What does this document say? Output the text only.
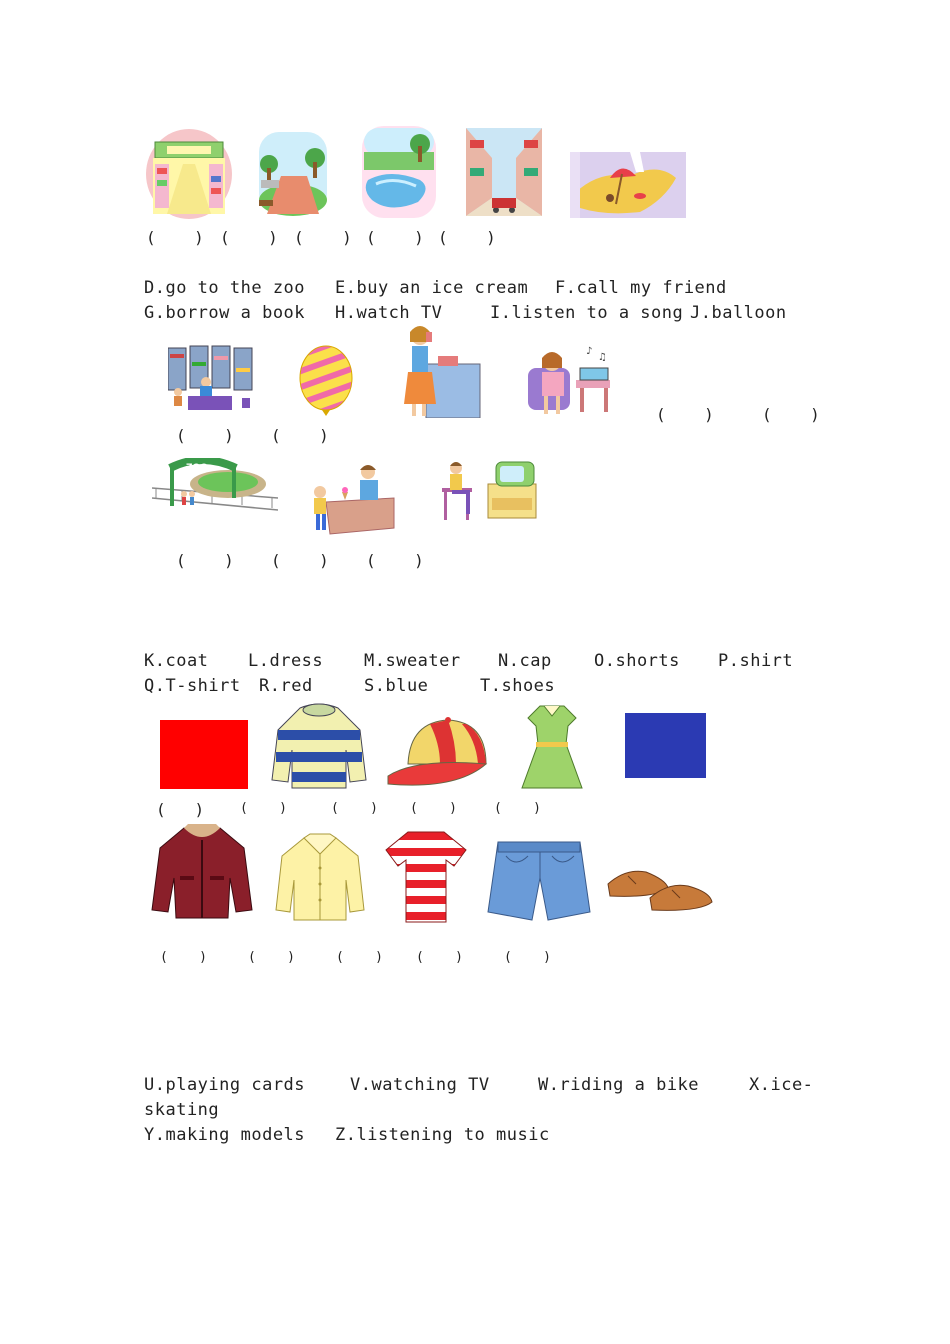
(    ) (    ) (    ) (    ) (    )
D.go to the zoo E.buy an ice cream F.call my friend
G.borrow a book H.watch TV	I.listen to a song J.balloon
♪
♫
(    )	(    )
(    ) (    )
ZOO
(    ) (    ) (    )
K.coat L.dress M.sweater N.cap O.shorts P.shirt
Q.T-shirt R.red	S.blue	T.shoes
(   )	(    )	(    ) (    )	(    )
(    )	(    )	(    )	(    )	(    )
U.playing cards	V.watching TV	W.riding a bike	X.ice-
skating
Y.making models Z.listening to music
